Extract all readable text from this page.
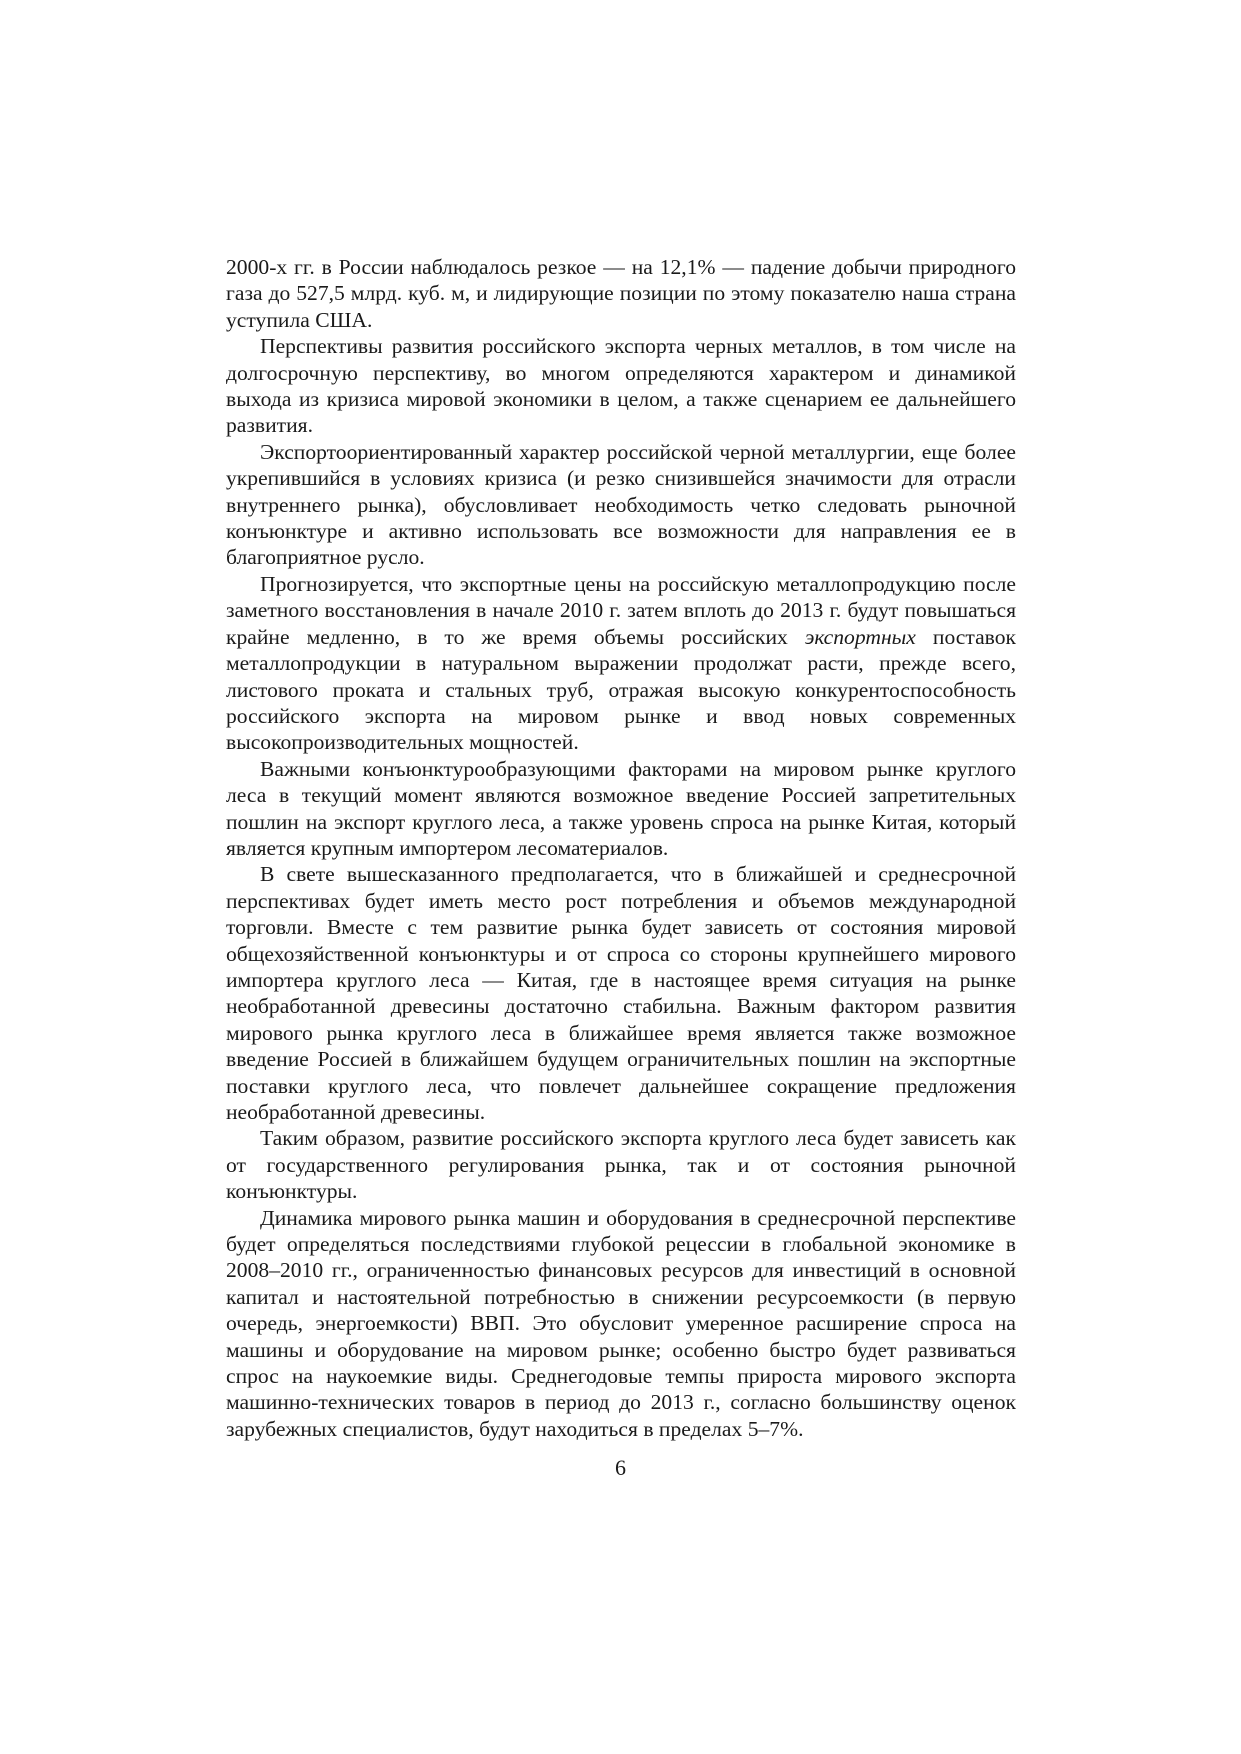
2000-х гг. в России наблюдалось резкое — на 12,1% — падение добычи природного газа до 527,5 млрд. куб. м, и лидирующие позиции по этому показателю наша страна уступила США.

Перспективы развития российского экспорта черных металлов, в том числе на долгосрочную перспективу, во многом определяются характером и динамикой выхода из кризиса мировой экономики в целом, а также сценарием ее дальнейшего развития.

Экспортоориентированный характер российской черной металлургии, еще более укрепившийся в условиях кризиса (и резко снизившейся значимости для отрасли внутреннего рынка), обусловливает необходимость четко следовать рыночной конъюнктуре и активно использовать все возможности для направления ее в благоприятное русло.

Прогнозируется, что экспортные цены на российскую металлопродукцию после заметного восстановления в начале 2010 г. затем вплоть до 2013 г. будут повышаться крайне медленно, в то же время объемы российских экспортных поставок металлопродукции в натуральном выражении продолжат расти, прежде всего, листового проката и стальных труб, отражая высокую конкурентоспособность российского экспорта на мировом рынке и ввод новых современных высокопроизводительных мощностей.

Важными конъюнктурообразующими факторами на мировом рынке круглого леса в текущий момент являются возможное введение Россией запретительных пошлин на экспорт круглого леса, а также уровень спроса на рынке Китая, который является крупным импортером лесоматериалов.

В свете вышесказанного предполагается, что в ближайшей и среднесрочной перспективах будет иметь место рост потребления и объемов международной торговли. Вместе с тем развитие рынка будет зависеть от состояния мировой общехозяйственной конъюнктуры и от спроса со стороны крупнейшего мирового импортера круглого леса — Китая, где в настоящее время ситуация на рынке необработанной древесины достаточно стабильна. Важным фактором развития мирового рынка круглого леса в ближайшее время является также возможное введение Россией в ближайшем будущем ограничительных пошлин на экспортные поставки круглого леса, что повлечет дальнейшее сокращение предложения необработанной древесины.

Таким образом, развитие российского экспорта круглого леса будет зависеть как от государственного регулирования рынка, так и от состояния рыночной конъюнктуры.

Динамика мирового рынка машин и оборудования в среднесрочной перспективе будет определяться последствиями глубокой рецессии в глобальной экономике в 2008–2010 гг., ограниченностью финансовых ресурсов для инвестиций в основной капитал и настоятельной потребностью в снижении ресурсоемкости (в первую очередь, энергоемкости) ВВП. Это обусловит умеренное расширение спроса на машины и оборудование на мировом рынке; особенно быстро будет развиваться спрос на наукоемкие виды. Среднегодовые темпы прироста мирового экспорта машинно-технических товаров в период до 2013 г., согласно большинству оценок зарубежных специалистов, будут находиться в пределах 5–7%.

6
